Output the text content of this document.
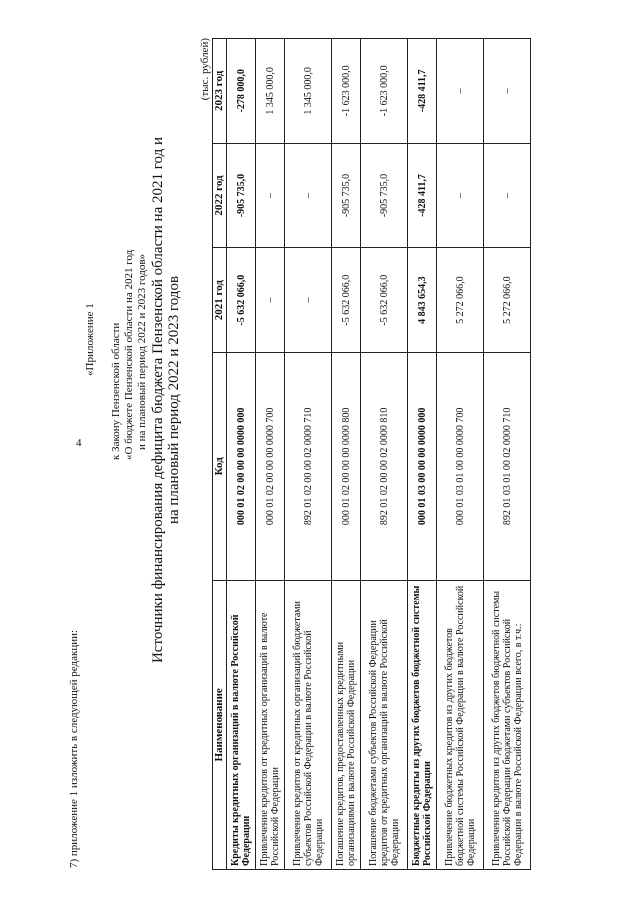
4
7) приложение 1 изложить в следующей редакции:
«Приложение 1 к Закону Пензенской области «О бюджете Пензенской области на 2021 год и на плановый период 2022 и 2023 годов» Источники финансирования дефицита бюджета Пензенской области на 2021 год и на плановый период 2022 и 2023 годов
(тыс. рублей)
Наименование	Код	2021 год	2022 год	2023 год
Кредиты кредитных организаций в валюте Российской Федерации	000 01 02 00 00 00 0000 000	-5 632 066,0	-905 735,0	-278 000,0
Привлечение кредитов от кредитных организаций в валюте Российской Федерации	000 01 02 00 00 00 0000 700	–	–	1 345 000,0
Привлечение кредитов от кредитных организаций бюджетами субъектов Российской Федерации в валюте Российской Федерации	892 01 02 00 00 02 0000 710	–	–	1 345 000,0
Погашение кредитов, предоставленных кредитными организациями в валюте Российской Федерации	000 01 02 00 00 00 0000 800	-5 632 066,0	-905 735,0	-1 623 000,0
Погашение бюджетами субъектов Российской Федерации кредитов от кредитных организаций в валюте Российской Федерации	892 01 02 00 00 02 0000 810	-5 632 066,0	-905 735,0	-1 623 000,0
Бюджетные кредиты из других бюджетов бюджетной системы Российской Федерации	000 01 03 00 00 00 0000 000	4 843 654,3	-428 411,7	-428 411,7
Привлечение бюджетных кредитов из других бюджетов бюджетной системы Российской Федерации в валюте Российской Федерации	000 01 03 01 00 00 0000 700	5 272 066,0	–	–
Привлечение кредитов из других бюджетов бюджетной системы Российской Федерации бюджетами субъектов Российской Федерации в валюте Российской Федерации всего, в т.ч.:	892 01 03 01 00 02 0000 710	5 272 066,0	–	–
